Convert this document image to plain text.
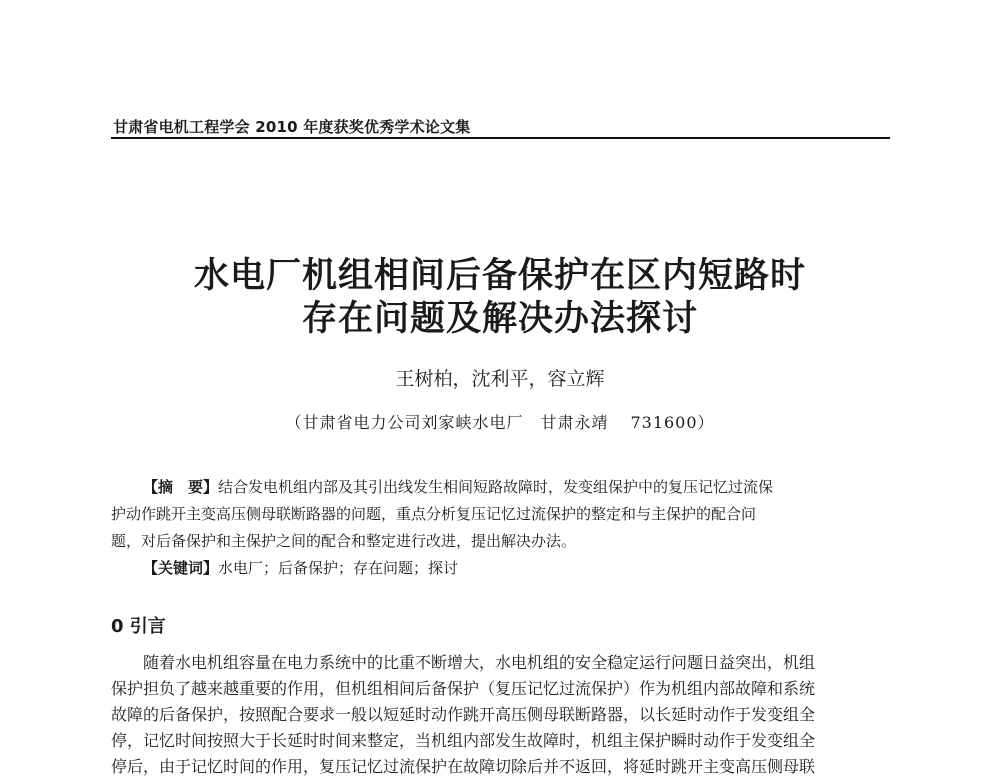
甘肃省电机工程学会 2010 年度获奖优秀学术论文集
水电厂机组相间后备保护在区内短路时
存在问题及解决办法探讨
王树柏，沈利平，容立辉
（甘肃省电力公司刘家峡水电厂　甘肃永靖 731600）
【摘　要】结合发电机组内部及其引出线发生相间短路故障时，发变组保护中的复压记忆过流保
护动作跳开主变高压侧母联断路器的问题，重点分析复压记忆过流保护的整定和与主保护的配合问
题，对后备保护和主保护之间的配合和整定进行改进，提出解决办法。
【关键词】水电厂；后备保护；存在问题；探讨
0 引言
随着水电机组容量在电力系统中的比重不断增大，水电机组的安全稳定运行问题日益突出，机组
保护担负了越来越重要的作用，但机组相间后备保护（复压记忆过流保护）作为机组内部故障和系统
故障的后备保护，按照配合要求一般以短延时动作跳开高压侧母联断路器，以长延时动作于发变组全
停，记忆时间按照大于长延时时间来整定，当机组内部发生故障时，机组主保护瞬时动作于发变组全
停后，由于记忆时间的作用，复压记忆过流保护在故障切除后并不返回，将延时跳开主变高压侧母联
